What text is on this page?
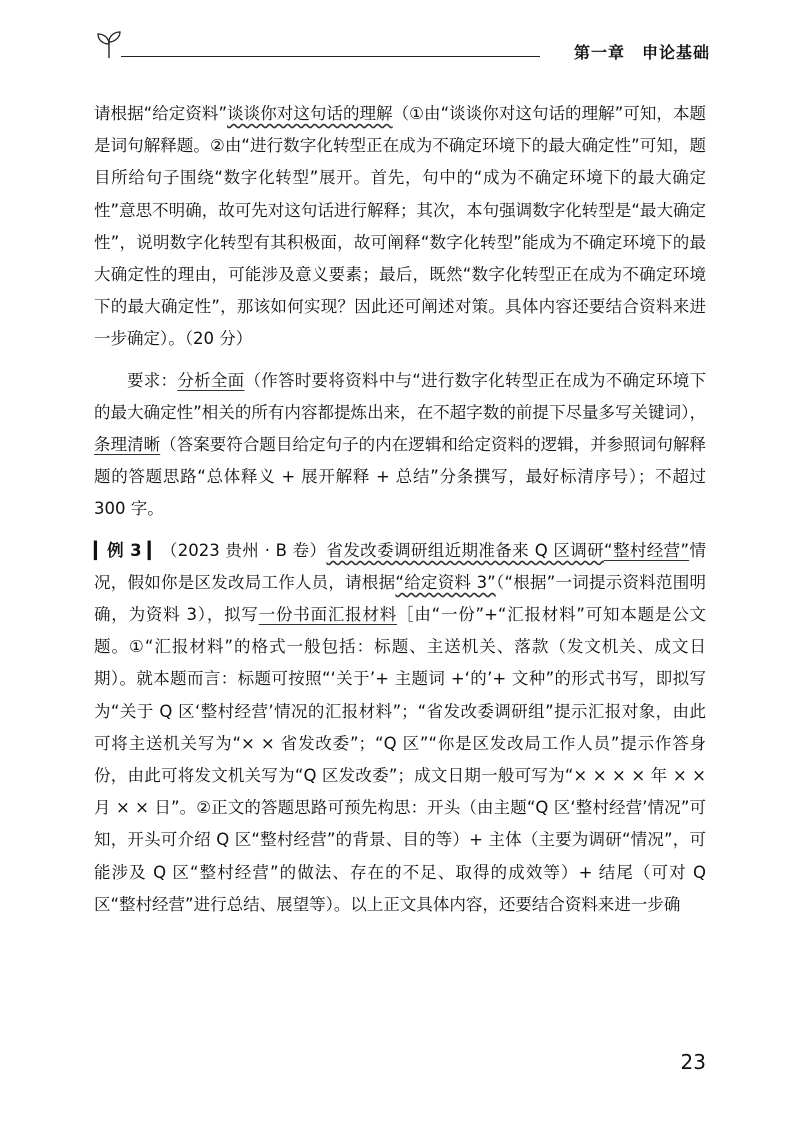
第一章　申论基础

请根据“给定资料”谈谈你对这句话的理解（①由“谈谈你对这句话的理解”可知，本题是词句解释题。②由“进行数字化转型正在成为不确定环境下的最大确定性”可知，题目所给句子围绕“数字化转型”展开。首先，句中的“成为不确定环境下的最大确定性”意思不明确，故可先对这句话进行解释；其次，本句强调数字化转型是“最大确定性”，说明数字化转型有其积极面，故可阐释“数字化转型”能成为不确定环境下的最大确定性的理由，可能涉及意义要素；最后，既然“数字化转型正在成为不确定环境下的最大确定性”，那该如何实现？因此还可阐述对策。具体内容还要结合资料来进一步确定）。（20 分）

要求：分析全面（作答时要将资料中与“进行数字化转型正在成为不确定环境下的最大确定性”相关的所有内容都提炼出来，在不超字数的前提下尽量多写关键词），条理清晰（答案要符合题目给定句子的内在逻辑和给定资料的逻辑，并参照词句解释题的答题思路“总体释义 + 展开解释 + 总结”分条撰写，最好标清序号）；不超过 300 字。

▎例 3 ▎（2023 贵州 · B 卷）省发改委调研组近期准备来 Q 区调研“整村经营”情况，假如你是区发改局工作人员，请根据“给定资料 3”（“根据”一词提示资料范围明确，为资料 3），拟写一份书面汇报材料［由“一份”+“汇报材料”可知本题是公文题。①“汇报材料”的格式一般包括：标题、主送机关、落款（发文机关、成文日期）。就本题而言：标题可按照“‘关于’+ 主题词 +‘的’+ 文种”的形式书写，即拟写为“关于 Q 区‘整村经营’情况的汇报材料”；“省发改委调研组”提示汇报对象，由此可将主送机关写为“× × 省发改委”；“Q 区”“你是区发改局工作人员”提示作答身份，由此可将发文机关写为“Q 区发改委”；成文日期一般可写为“× × × × 年 × × 月 × × 日”。②正文的答题思路可预先构思：开头（由主题“Q 区‘整村经营’情况”可知，开头可介绍 Q 区“整村经营”的背景、目的等）+ 主体（主要为调研“情况”，可能涉及 Q 区“整村经营”的做法、存在的不足、取得的成效等）+ 结尾（可对 Q 区“整村经营”进行总结、展望等）。以上正文具体内容，还要结合资料来进一步确

23
